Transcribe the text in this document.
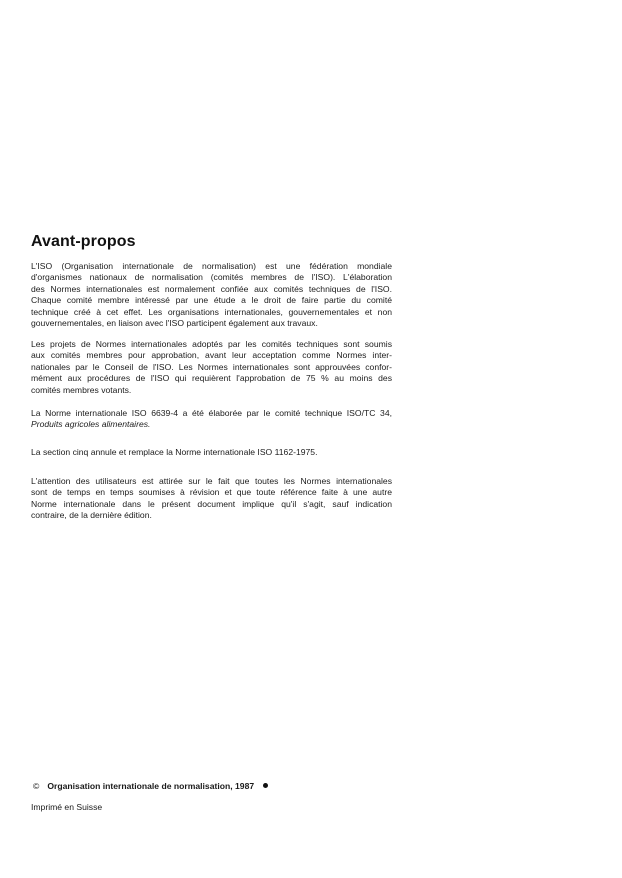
Avant-propos
L'ISO (Organisation internationale de normalisation) est une fédération mondiale
d'organismes nationaux de normalisation (comités membres de l'ISO). L'élaboration
des Normes internationales est normalement confiée aux comités techniques de l'ISO.
Chaque comité membre intéressé par une étude a le droit de faire partie du comité
technique créé à cet effet. Les organisations internationales, gouvernementales et non
gouvernementales, en liaison avec l'ISO participent également aux travaux.
Les projets de Normes internationales adoptés par les comités techniques sont soumis
aux comités membres pour approbation, avant leur acceptation comme Normes inter-
nationales par le Conseil de l'ISO. Les Normes internationales sont approuvées confor-
mément aux procédures de l'ISO qui requièrent l'approbation de 75 % au moins des
comités membres votants.
La Norme internationale ISO 6639-4 a été élaborée par le comité technique ISO/TC 34,
Produits agricoles alimentaires.
La section cinq annule et remplace la Norme internationale ISO 1162-1975.
L'attention des utilisateurs est attirée sur le fait que toutes les Normes internationales
sont de temps en temps soumises à révision et que toute référence faite à une autre
Norme internationale dans le présent document implique qu'il s'agit, sauf indication
contraire, de la dernière édition.
© Organisation internationale de normalisation, 1987
Imprimé en Suisse
